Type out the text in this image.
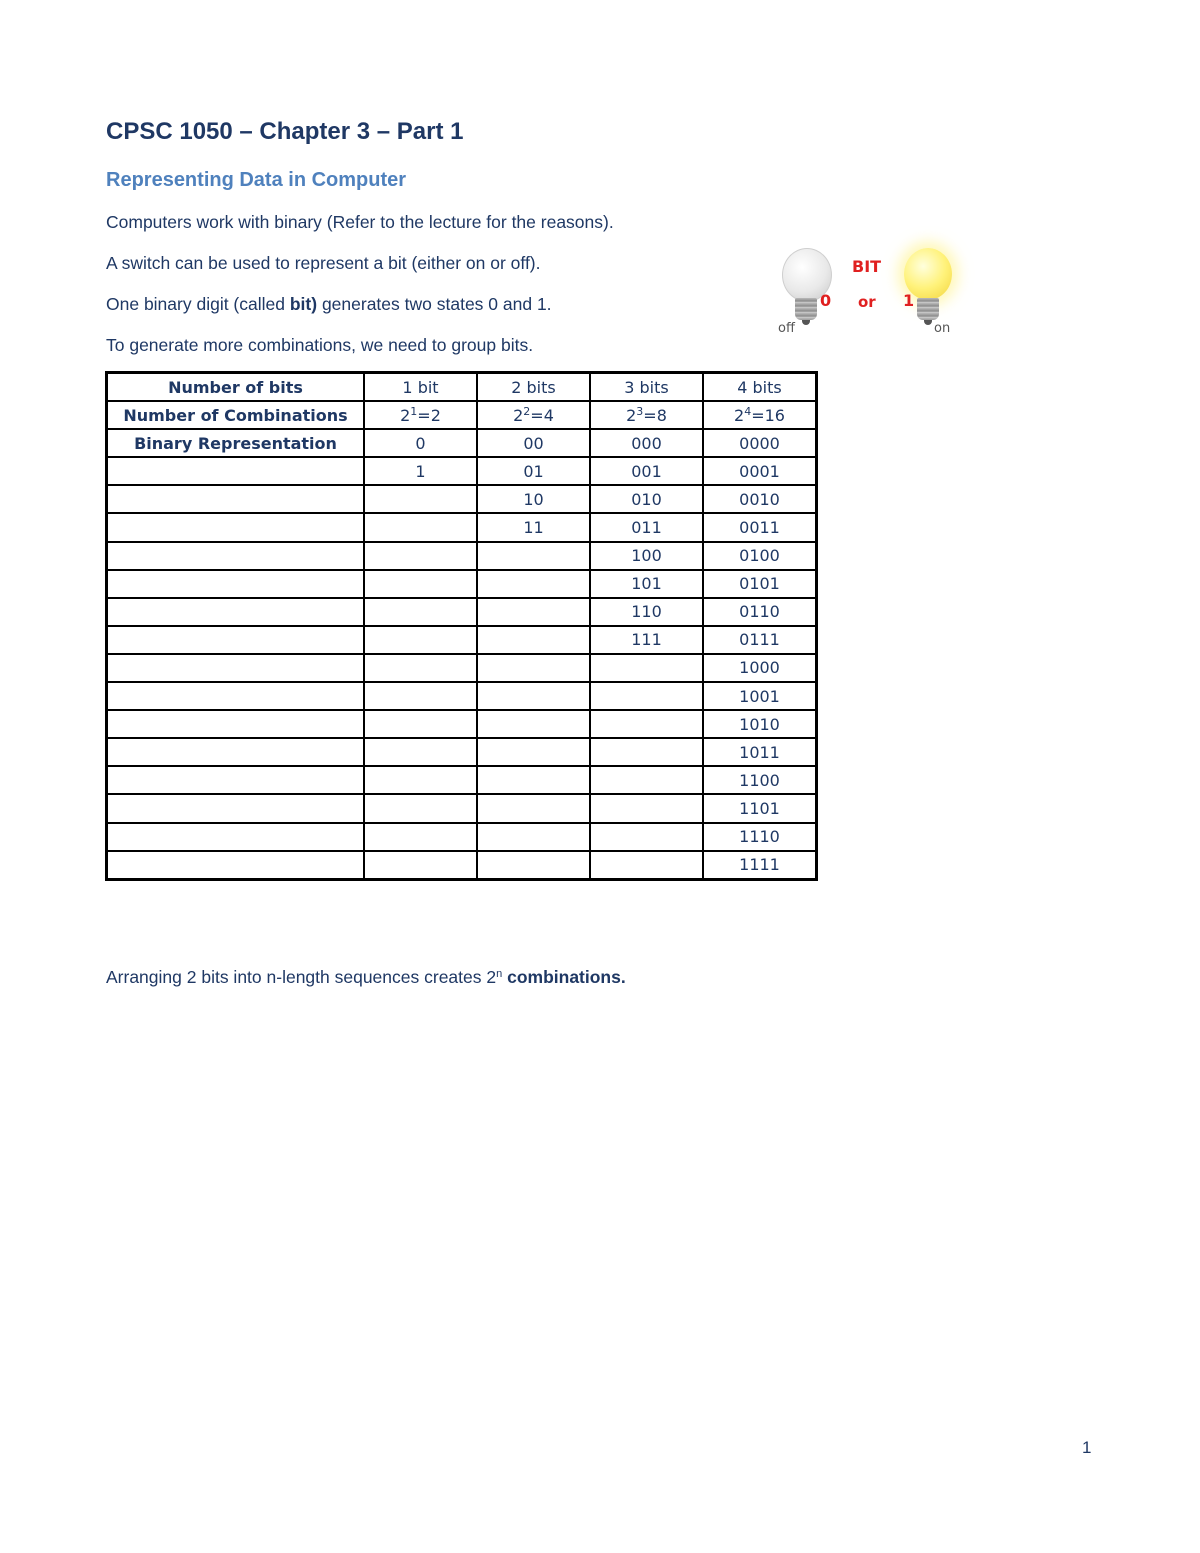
CPSC 1050 – Chapter 3 – Part 1
Representing Data in Computer
Computers work with binary (Refer to the lecture for the reasons).
A switch can be used to represent a bit (either on or off).
One binary digit (called bit) generates two states 0 and 1.
To generate more combinations, we need to group bits.
BIT
or
0	1
off	on
Number of bits	1 bit	2 bits	3 bits	4 bits
Number of Combinations	$2^1=2$	$2^2=4$	$2^3=8$	$2^4=16$
Binary Representation	0	00	000	0000
	1	01	001	0001
		10	010	0010
		11	011	0011
			100	0100
			101	0101
			110	0110
			111	0111
				1000
				1001
				1010
				1011
				1100
				1101
				1110
				1111
Arranging 2 bits into n-length sequences creates 2$^n$ combinations.
1
